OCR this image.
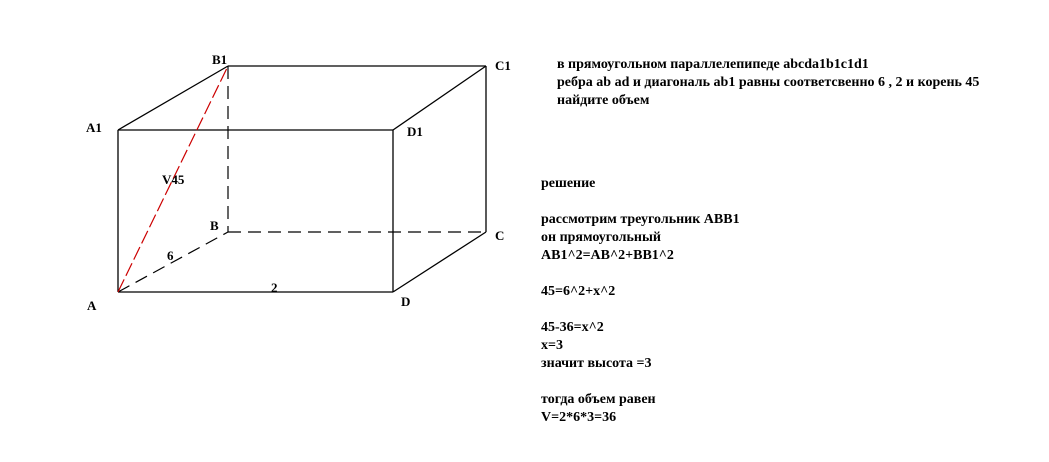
B1	C1
A1	D1
B
C
A	D
V45
6
2
в прямоугольном параллелепипеде abcda1b1c1d1
ребра ab ad и диагональ ab1 равны соответсвенно 6 , 2 и корень 45
найдите объем
решение
рассмотрим треугольник ABB1
он прямоугольный
AB1^2=AB^2+BB1^2
45=6^2+x^2
45-36=x^2
x=3
значит высота =3
тогда объем равен
V=2*6*3=36
